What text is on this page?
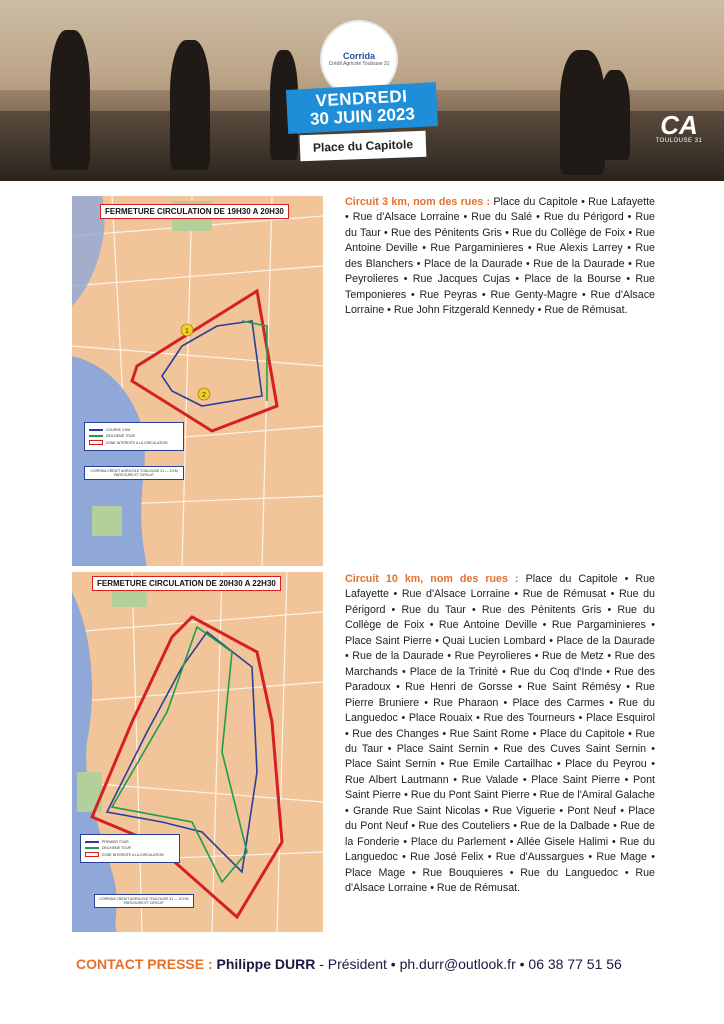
Corrida
Crédit Agricole Toulouse 31
VENDREDI
30 JUIN 2023
Place du Capitole
CA
TOULOUSE 31
1
2
FERMETURE CIRCULATION DE 19H30 A 20H30
COURSE 3 KM
DEUXIEME TOUR
ZONE INTERDITE A LA CIRCULATION
CORRIDA CREDIT AGRICOLE TOULOUSE 31 — 3 KM PARCOURS ET CIRCUIT
FERMETURE CIRCULATION DE 20H30 A 22H30
PREMIER TOUR
DEUXIEME TOUR
ZONE INTERDITE A LA CIRCULATION
CORRIDA CREDIT AGRICOLE TOULOUSE 31 — 10 KM PARCOURS ET CIRCUIT

Circuit 3 km, nom des rues : Place du Capitole • Rue Lafayette • Rue d'Alsace Lorraine • Rue du Salé • Rue du Périgord • Rue du Taur • Rue des Pénitents Gris • Rue du Collège de Foix • Rue Antoine Deville • Rue Pargaminieres • Rue Alexis Larrey • Rue des Blanchers • Place de la Daurade • Rue de la Daurade • Rue Peyrolieres • Rue Jacques Cujas • Place de la Bourse • Rue Temponieres • Rue Peyras • Rue Genty-Magre • Rue d'Alsace Lorraine • Rue John Fitzgerald Kennedy • Rue de Rémusat.

Circuit 10 km, nom des rues : Place du Capitole • Rue Lafayette • Rue d'Alsace Lorraine • Rue de Rémusat • Rue du Périgord • Rue du Taur • Rue des Pénitents Gris • Rue du Collège de Foix • Rue Antoine Deville • Rue Pargaminieres • Place Saint Pierre • Quai Lucien Lombard • Place de la Daurade • Rue de la Daurade • Rue Peyrolieres • Rue de Metz • Rue des Marchands • Place de la Trinité • Rue du Coq d'Inde • Rue des Paradoux • Rue Henri de Gorsse • Rue Saint Rémésy • Rue Pierre Bruniere • Rue Pharaon • Place des Carmes • Rue du Languedoc • Place Rouaix • Rue des Tourneurs • Place Esquirol • Rue des Changes • Rue Saint Rome • Place du Capitole • Rue du Taur • Place Saint Sernin • Rue des Cuves Saint Sernin • Place Saint Sernin • Rue Emile Cartailhac • Place du Peyrou • Rue Albert Lautmann • Rue Valade • Place Saint Pierre • Pont Saint Pierre • Rue du Pont Saint Pierre • Rue de l'Amiral Galache • Grande Rue Saint Nicolas • Rue Viguerie • Pont Neuf • Place du Pont Neuf • Rue des Couteliers • Rue de la Dalbade • Rue de la Fonderie • Place du Parlement • Allée Gisele Halimi • Rue du Languedoc • Rue José Felix • Rue d'Aussargues • Rue Mage • Place Mage • Rue Bouquieres • Rue du Languedoc • Rue d'Alsace Lorraine • Rue de Rémusat.

CONTACT PRESSE : Philippe DURR - Président • ph.durr@outlook.fr • 06 38 77 51 56
